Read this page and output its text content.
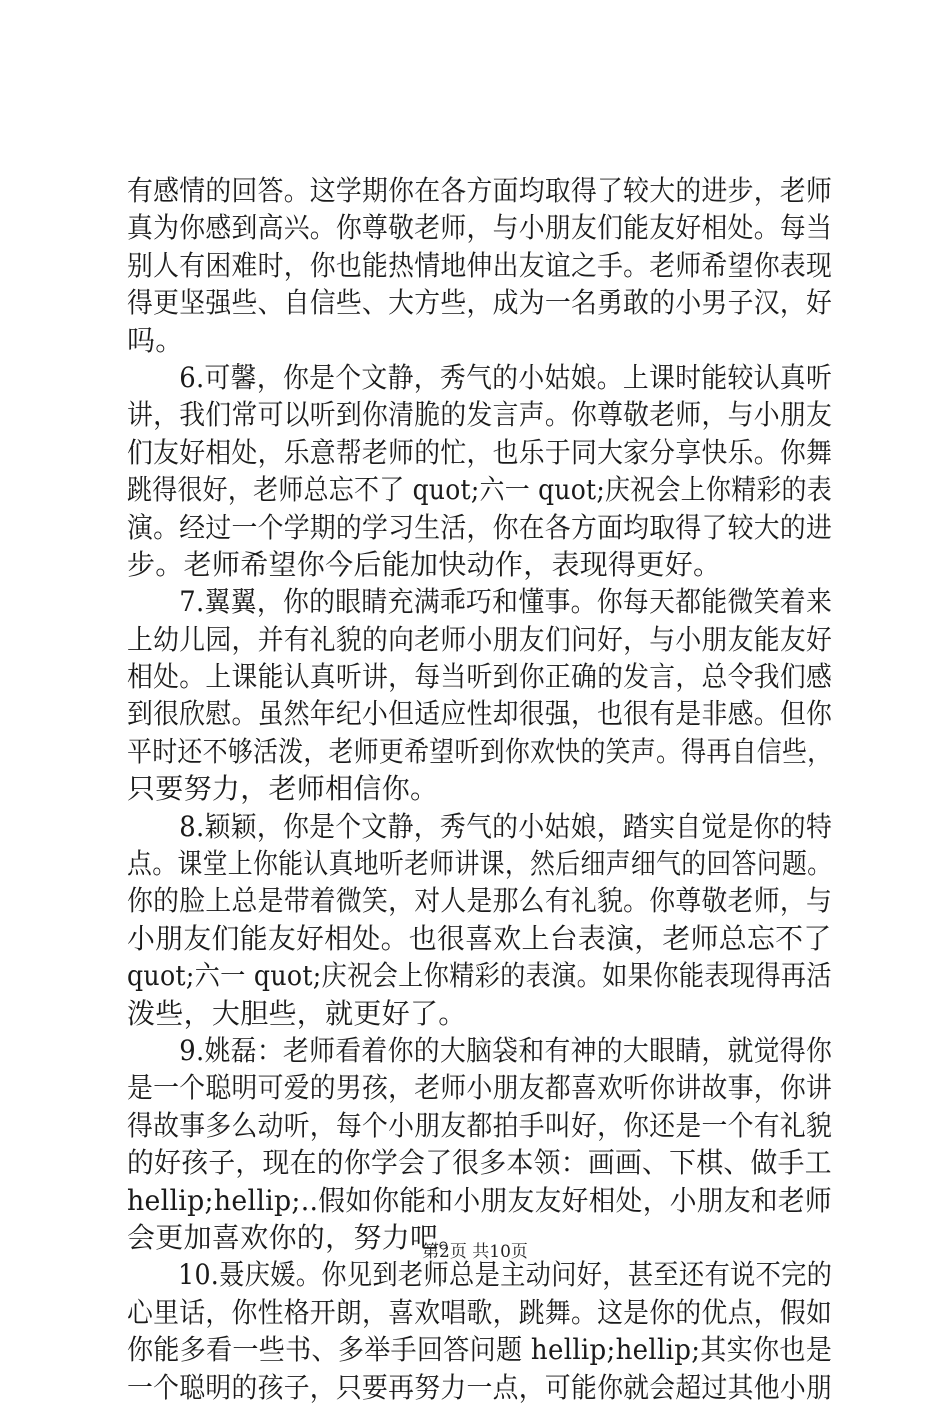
有感情的回答。这学期你在各方面均取得了较大的进步，老师
真为你感到高兴。你尊敬老师，与小朋友们能友好相处。每当
别人有困难时，你也能热情地伸出友谊之手。老师希望你表现
得更坚强些、自信些、大方些，成为一名勇敢的小男子汉，好
吗。
　　6.可馨，你是个文静，秀气的小姑娘。上课时能较认真听
讲，我们常可以听到你清脆的发言声。你尊敬老师，与小朋友
们友好相处，乐意帮老师的忙，也乐于同大家分享快乐。你舞
跳得很好，老师总忘不了 quot;六一 quot;庆祝会上你精彩的表
演。经过一个学期的学习生活，你在各方面均取得了较大的进
步。老师希望你今后能加快动作，表现得更好。
　　7.翼翼，你的眼睛充满乖巧和懂事。你每天都能微笑着来
上幼儿园，并有礼貌的向老师小朋友们问好，与小朋友能友好
相处。上课能认真听讲，每当听到你正确的发言，总令我们感
到很欣慰。虽然年纪小但适应性却很强，也很有是非感。但你
平时还不够活泼，老师更希望听到你欢快的笑声。得再自信些，
只要努力，老师相信你。
　　8.颖颖，你是个文静，秀气的小姑娘，踏实自觉是你的特
点。课堂上你能认真地听老师讲课，然后细声细气的回答问题。
你的脸上总是带着微笑，对人是那么有礼貌。你尊敬老师，与
小朋友们能友好相处。也很喜欢上台表演，老师总忘不了
quot;六一 quot;庆祝会上你精彩的表演。如果你能表现得再活
泼些，大胆些，就更好了。
　　9.姚磊：老师看着你的大脑袋和有神的大眼睛，就觉得你
是一个聪明可爱的男孩，老师小朋友都喜欢听你讲故事，你讲
得故事多么动听，每个小朋友都拍手叫好，你还是一个有礼貌
的好孩子，现在的你学会了很多本领：画画、下棋、做手工
hellip;hellip;..假如你能和小朋友友好相处，小朋友和老师
会更加喜欢你的，努力吧。
　　10.聂庆媛。你见到老师总是主动问好，甚至还有说不完的
心里话，你性格开朗，喜欢唱歌，跳舞。这是你的优点，假如
你能多看一些书、多举手回答问题 hellip;hellip;其实你也是
一个聪明的孩子，只要再努力一点，可能你就会超过其他小朋
第2页 共10页
